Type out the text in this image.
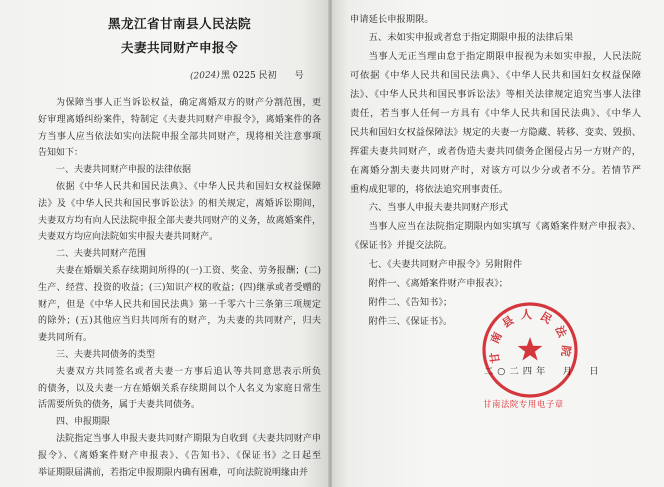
黑龙江省甘南县人民法院
夫妻共同财产申报令
(2024)黑 0225 民初　　号
为保障当事人正当诉讼权益，确定离婚双方的财产分割范围，更
好审理离婚纠纷案件，特制定《夫妻共同财产申报令》，离婚案件的各
方当事人应当依法如实向法院申报全部共同财产，现将相关注意事项
告知如下：
一、夫妻共同财产申报的法律依据
依据《中华人民共和国民法典》、《中华人民共和国妇女权益保障
法》及《中华人民共和国民事诉讼法》的相关规定，离婚诉讼期间，
夫妻双方均有向人民法院申报全部夫妻共同财产的义务，故离婚案件，
夫妻双方均应向法院如实申报夫妻共同财产。
二、夫妻共同财产范围
夫妻在婚姻关系存续期间所得的(一)工资、奖金、劳务报酬；(二)
生产、经营、投资的收益；(三)知识产权的收益；(四)继承或者受赠的
财产，但是《中华人民共和国民法典》第一千零六十三条第三项规定
的除外；(五)其他应当归共同所有的财产，为夫妻的共同财产，归夫
妻共同所有。
三、夫妻共同债务的类型
夫妻双方共同签名或者夫妻一方事后追认等共同意思表示所负
的债务，以及夫妻一方在婚姻关系存续期间以个人名义为家庭日常生
活需要所负的债务，属于夫妻共同债务。
四、申报期限
法院指定当事人申报夫妻共同财产期限为自收到《夫妻共同财产申
报令》、《离婚案件财产申报表》、《告知书》、《保证书》之日起至
举证期限届满前，若指定申报期限内确有困难，可向法院说明缘由并
申请延长申报期限。
五、未如实申报或者怠于指定期限申报的法律后果
当事人无正当理由怠于指定期限申报视为未如实申报，人民法院
可依据《中华人民共和国民法典》、《中华人民共和国妇女权益保障
法》、《中华人民共和国民事诉讼法》等相关法律规定追究当事人法律
责任，若当事人任何一方具有《中华人民共和国民法典》、《中华人
民共和国妇女权益保障法》规定的夫妻一方隐藏、转移、变卖、毁损、
挥霍夫妻共同财产，或者伪造夫妻共同债务企图侵占另一方财产的，
在离婚分割夫妻共同财产时，对该方可以少分或者不分。若情节严
重构成犯罪的，将依法追究刑事责任。
六、当事人申报夫妻共同财产形式
当事人应当在法院指定期限内如实填写《离婚案件财产申报表》、
《保证书》并提交法院。
七、《夫妻共同财产申报令》另附附件
附件一、《离婚案件财产申报表》；
附件二、《告知书》；
附件三、《保证书》。
二○二四年　月　日
甘南县人民法院
甘南法院专用电子章
